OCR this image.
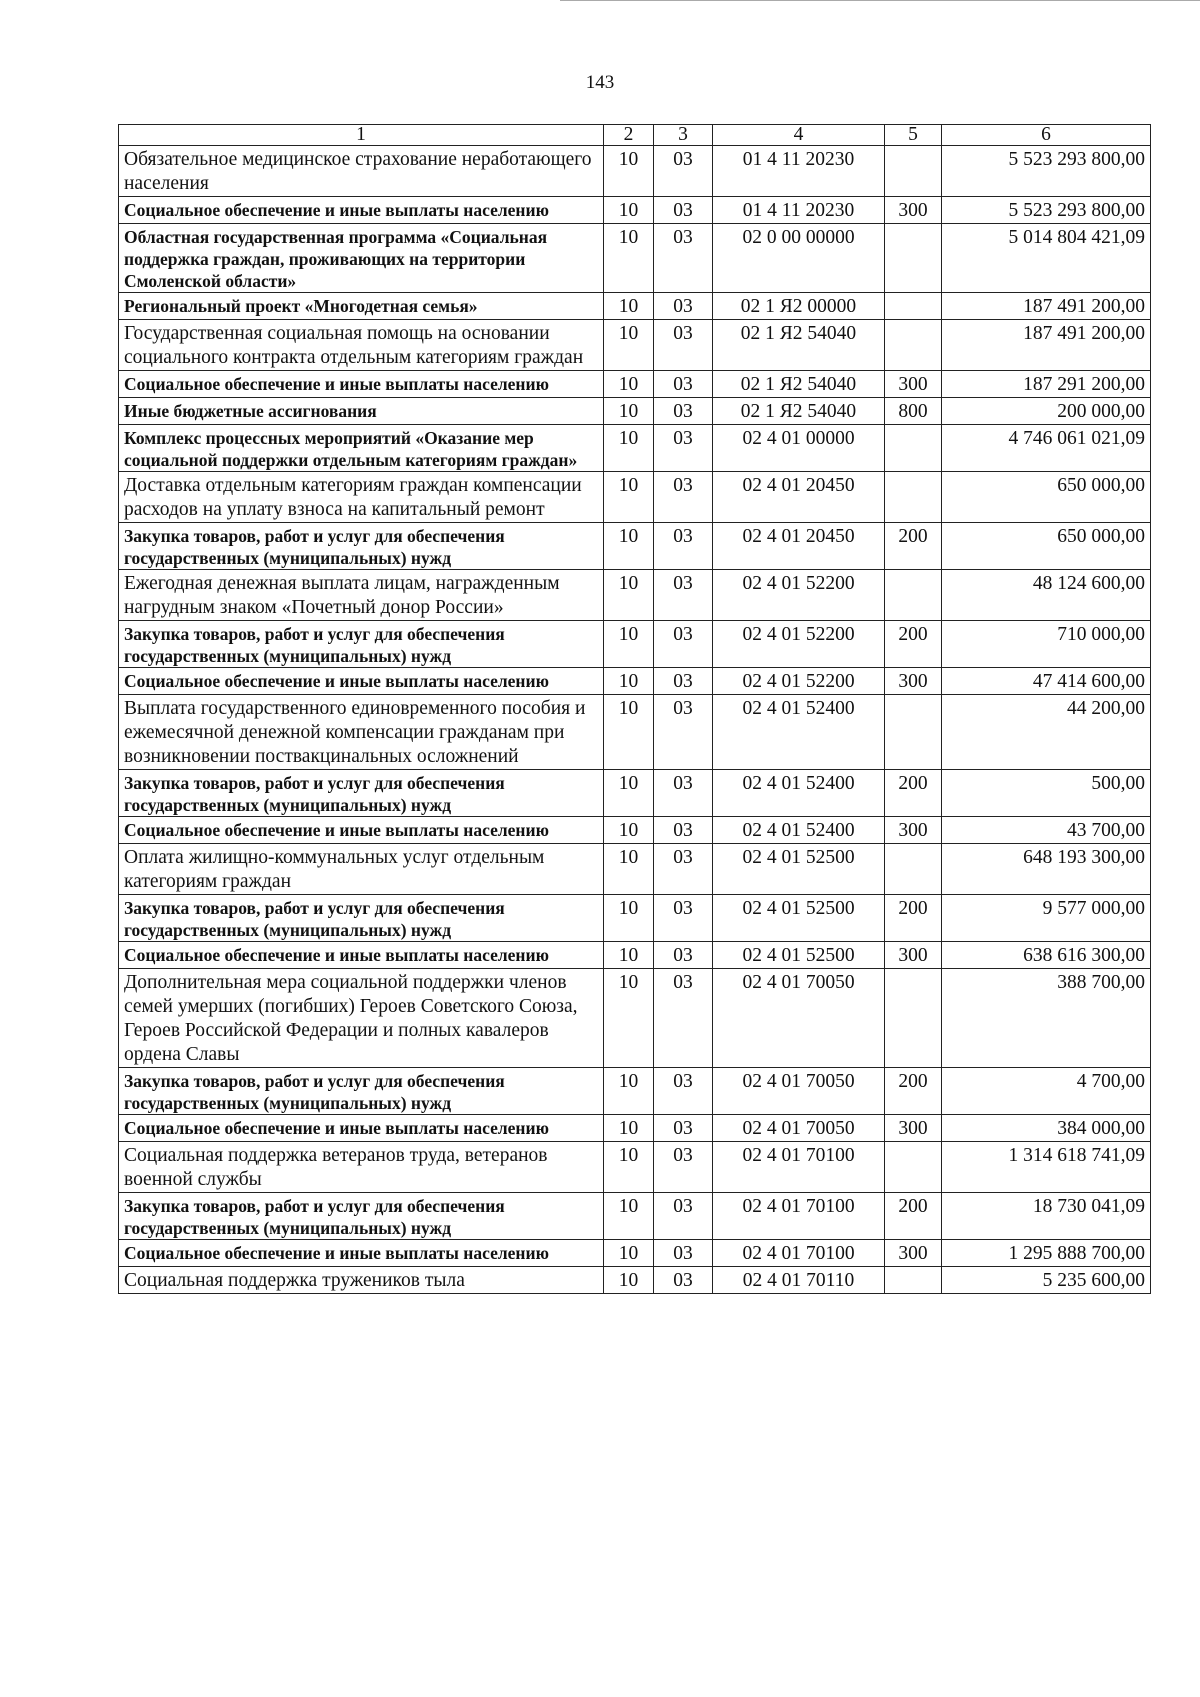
143
1	2	3	4	5	6
Обязательное медицинское страхование неработающего населения	10	03	01 4 11 20230		5 523 293 800,00
Социальное обеспечение и иные выплаты населению	10	03	01 4 11 20230	300	5 523 293 800,00
Областная государственная программа «Социальная поддержка граждан, проживающих на территории Смоленской области»	10	03	02 0 00 00000		5 014 804 421,09
Региональный проект «Многодетная семья»	10	03	02 1 Я2 00000		187 491 200,00
Государственная социальная помощь на основании социального контракта отдельным категориям граждан	10	03	02 1 Я2 54040		187 491 200,00
Социальное обеспечение и иные выплаты населению	10	03	02 1 Я2 54040	300	187 291 200,00
Иные бюджетные ассигнования	10	03	02 1 Я2 54040	800	200 000,00
Комплекс процессных мероприятий «Оказание мер социальной поддержки отдельным категориям граждан»	10	03	02 4 01 00000		4 746 061 021,09
Доставка отдельным категориям граждан компенсации расходов на уплату взноса на капитальный ремонт	10	03	02 4 01 20450		650 000,00
Закупка товаров, работ и услуг для обеспечения государственных (муниципальных) нужд	10	03	02 4 01 20450	200	650 000,00
Ежегодная денежная выплата лицам, награжденным нагрудным знаком «Почетный донор России»	10	03	02 4 01 52200		48 124 600,00
Закупка товаров, работ и услуг для обеспечения государственных (муниципальных) нужд	10	03	02 4 01 52200	200	710 000,00
Социальное обеспечение и иные выплаты населению	10	03	02 4 01 52200	300	47 414 600,00
Выплата государственного единовременного пособия и ежемесячной денежной компенсации гражданам при возникновении поствакцинальных осложнений	10	03	02 4 01 52400		44 200,00
Закупка товаров, работ и услуг для обеспечения государственных (муниципальных) нужд	10	03	02 4 01 52400	200	500,00
Социальное обеспечение и иные выплаты населению	10	03	02 4 01 52400	300	43 700,00
Оплата жилищно-коммунальных услуг отдельным категориям граждан	10	03	02 4 01 52500		648 193 300,00
Закупка товаров, работ и услуг для обеспечения государственных (муниципальных) нужд	10	03	02 4 01 52500	200	9 577 000,00
Социальное обеспечение и иные выплаты населению	10	03	02 4 01 52500	300	638 616 300,00
Дополнительная мера социальной поддержки членов семей умерших (погибших) Героев Советского Союза, Героев Российской Федерации и полных кавалеров ордена Славы	10	03	02 4 01 70050		388 700,00
Закупка товаров, работ и услуг для обеспечения государственных (муниципальных) нужд	10	03	02 4 01 70050	200	4 700,00
Социальное обеспечение и иные выплаты населению	10	03	02 4 01 70050	300	384 000,00
Социальная поддержка ветеранов труда, ветеранов военной службы	10	03	02 4 01 70100		1 314 618 741,09
Закупка товаров, работ и услуг для обеспечения государственных (муниципальных) нужд	10	03	02 4 01 70100	200	18 730 041,09
Социальное обеспечение и иные выплаты населению	10	03	02 4 01 70100	300	1 295 888 700,00
Социальная поддержка тружеников тыла	10	03	02 4 01 70110		5 235 600,00
